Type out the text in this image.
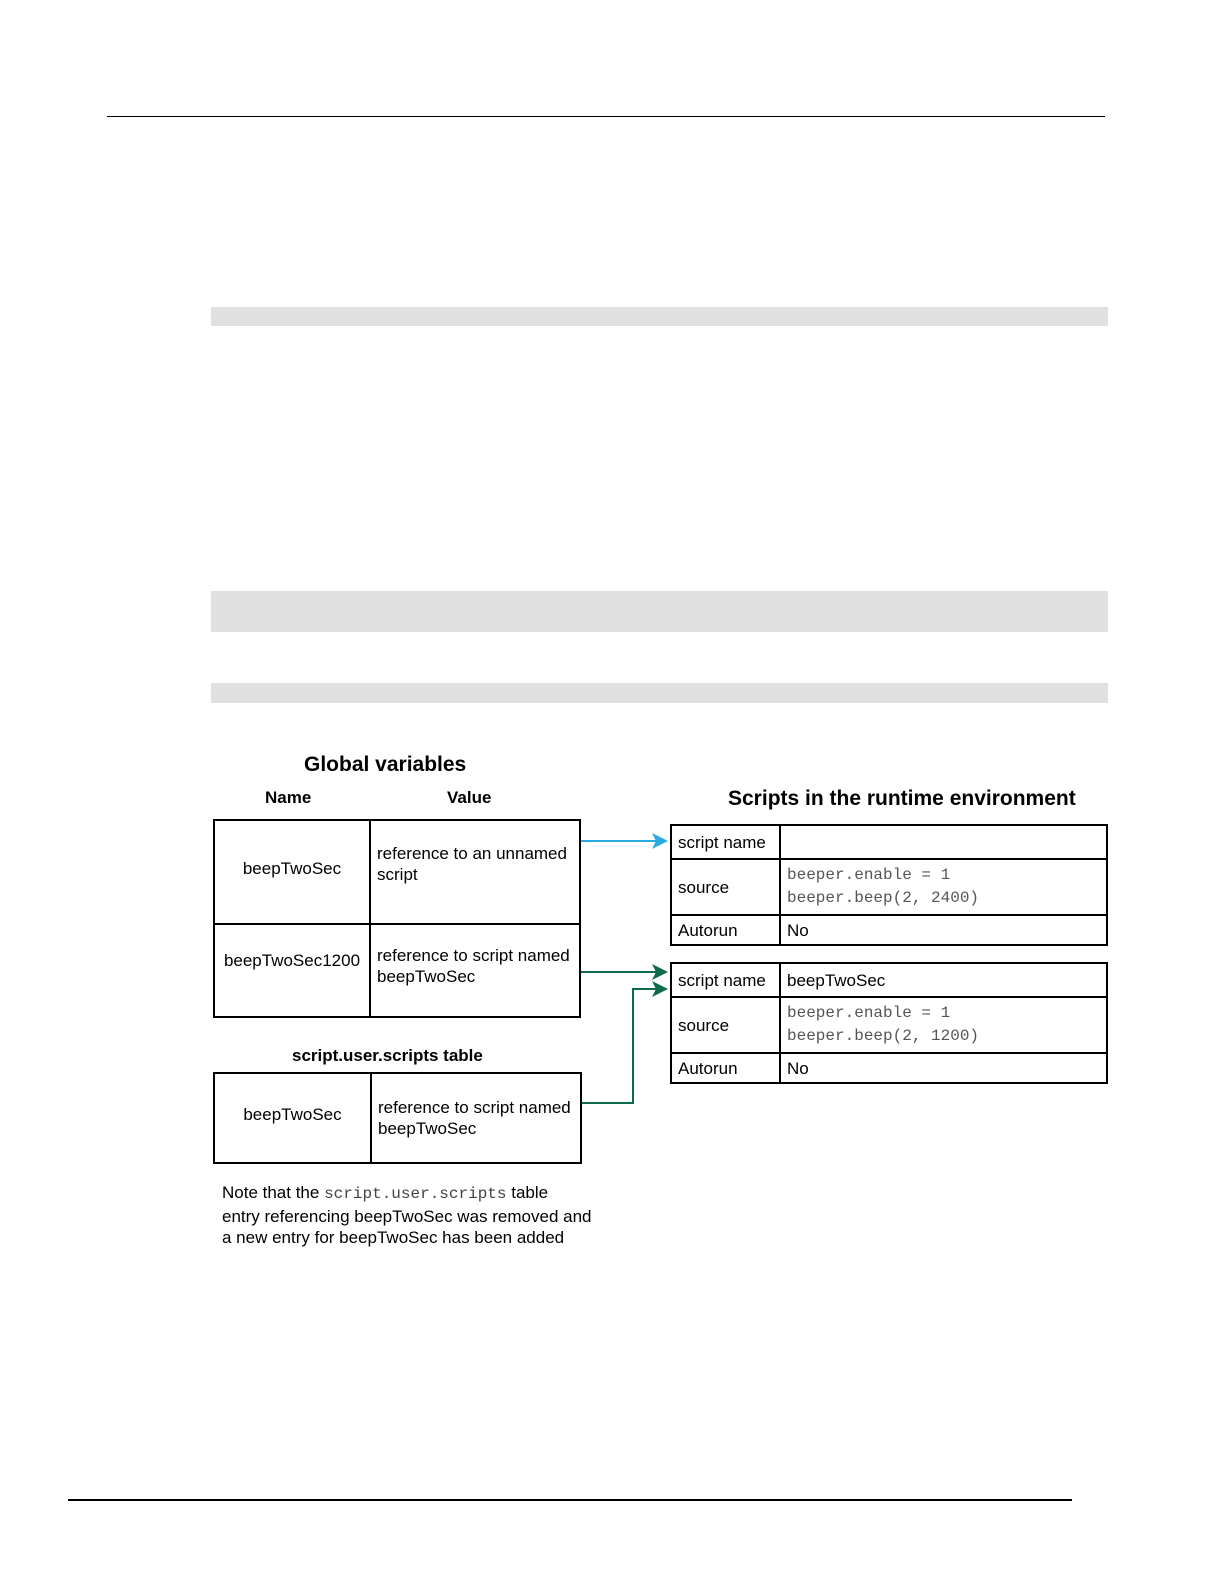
Global variables
Name	Value
beepTwoSec	reference to an unnamed
script

beepTwoSec1200	reference to script named
beepTwoSec
script.user.scripts table
beepTwoSec	reference to script named
beepTwoSec
Note that the script.user.scripts table
entry referencing beepTwoSec was removed and
a new entry for beepTwoSec has been added
Scripts in the runtime environment
script name	
source	beeper.enable = 1
beeper.beep(2, 2400)

Autorun	No
script name	beepTwoSec
source	beeper.enable = 1
beeper.beep(2, 1200)

Autorun	No
